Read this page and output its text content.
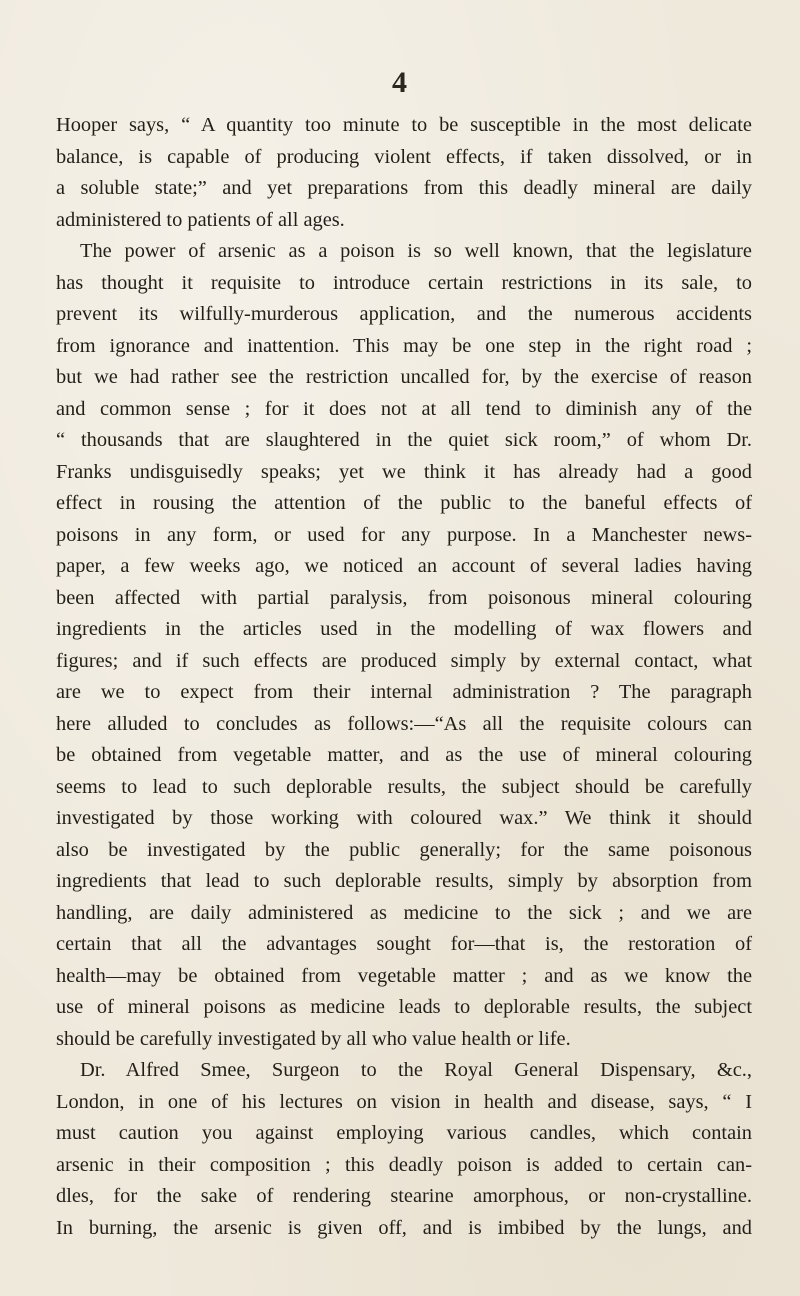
4
Hooper says, “ A quantity too minute to be susceptible in the most delicate
balance, is capable of producing violent effects, if taken dissolved, or in
a soluble state;” and yet preparations from this deadly mineral are daily
administered to patients of all ages.
The power of arsenic as a poison is so well known, that the legislature
has thought it requisite to introduce certain restrictions in its sale, to
prevent its wilfully-murderous application, and the numerous accidents
from ignorance and inattention. This may be one step in the right road ;
but we had rather see the restriction uncalled for, by the exercise of reason
and common sense ; for it does not at all tend to diminish any of the
“ thousands that are slaughtered in the quiet sick room,” of whom Dr.
Franks undisguisedly speaks; yet we think it has already had a good
effect in rousing the attention of the public to the baneful effects of
poisons in any form, or used for any purpose. In a Manchester news-
paper, a few weeks ago, we noticed an account of several ladies having
been affected with partial paralysis, from poisonous mineral colouring
ingredients in the articles used in the modelling of wax flowers and
figures; and if such effects are produced simply by external contact, what
are we to expect from their internal administration ? The paragraph
here alluded to concludes as follows:—“As all the requisite colours can
be obtained from vegetable matter, and as the use of mineral colouring
seems to lead to such deplorable results, the subject should be carefully
investigated by those working with coloured wax.” We think it should
also be investigated by the public generally; for the same poisonous
ingredients that lead to such deplorable results, simply by absorption from
handling, are daily administered as medicine to the sick ; and we are
certain that all the advantages sought for—that is, the restoration of
health—may be obtained from vegetable matter ; and as we know the
use of mineral poisons as medicine leads to deplorable results, the subject
should be carefully investigated by all who value health or life.
Dr. Alfred Smee, Surgeon to the Royal General Dispensary, &c.,
London, in one of his lectures on vision in health and disease, says, “ I
must caution you against employing various candles, which contain
arsenic in their composition ; this deadly poison is added to certain can-
dles, for the sake of rendering stearine amorphous, or non-crystalline.
In burning, the arsenic is given off, and is imbibed by the lungs, and
